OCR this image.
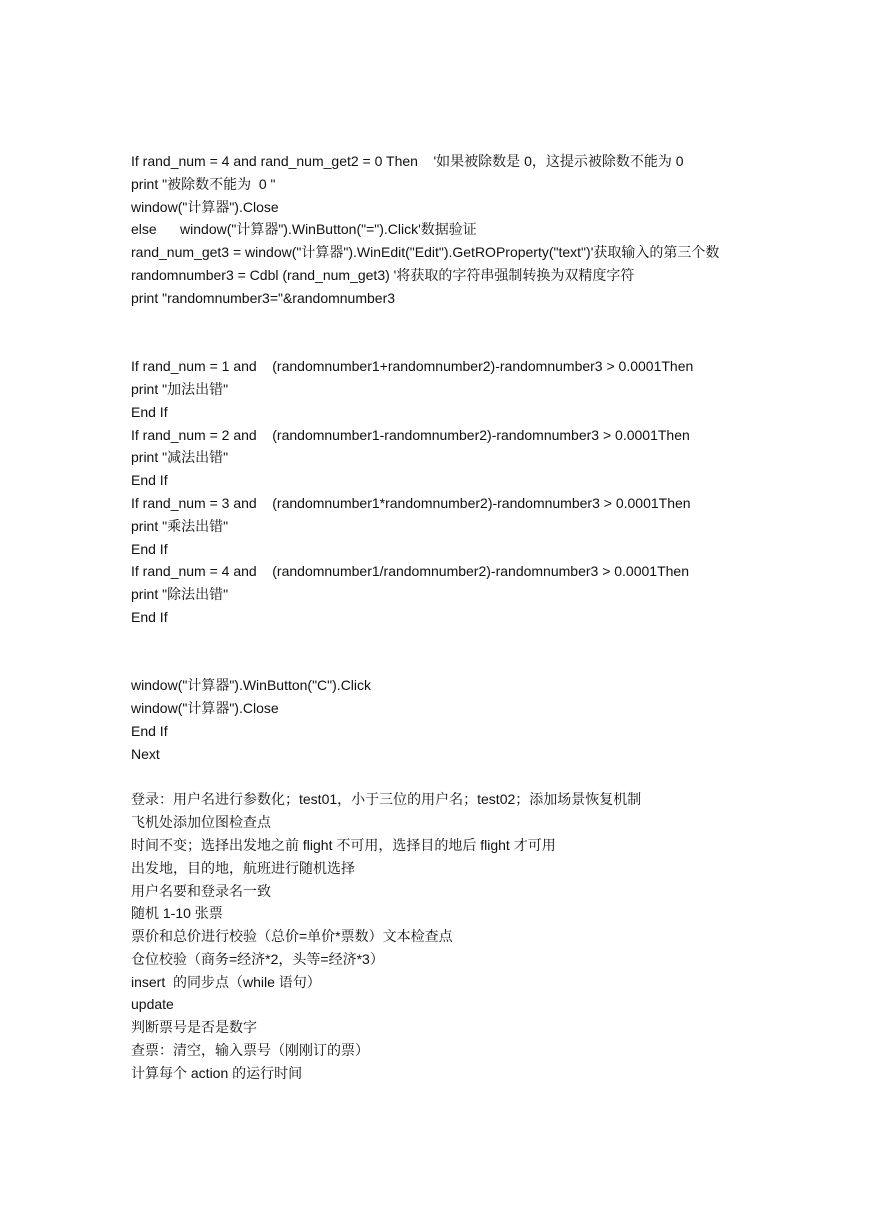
If rand_num = 4 and rand_num_get2 = 0 Then    '如果被除数是 0，这提示被除数不能为 0
print "被除数不能为  0 "
window("计算器").Close
else      window("计算器").WinButton("=").Click'数据验证
rand_num_get3 = window("计算器").WinEdit("Edit").GetROProperty("text")'获取输入的第三个数
randomnumber3 = Cdbl (rand_num_get3) '将获取的字符串强制转换为双精度字符
print "randomnumber3="&randomnumber3
If rand_num = 1 and    (randomnumber1+randomnumber2)-randomnumber3 > 0.0001Then
print "加法出错"
End If
If rand_num = 2 and    (randomnumber1-randomnumber2)-randomnumber3 > 0.0001Then
print "减法出错"
End If
If rand_num = 3 and    (randomnumber1*randomnumber2)-randomnumber3 > 0.0001Then
print "乘法出错"
End If
If rand_num = 4 and    (randomnumber1/randomnumber2)-randomnumber3 > 0.0001Then
print "除法出错"
End If
window("计算器").WinButton("C").Click
window("计算器").Close
End If
Next
登录：用户名进行参数化；test01，小于三位的用户名；test02；添加场景恢复机制
飞机处添加位图检查点
时间不变；选择出发地之前 flight 不可用，选择目的地后 flight 才可用
出发地，目的地，航班进行随机选择
用户名要和登录名一致
随机 1-10 张票
票价和总价进行校验（总价=单价*票数）文本检查点
仓位校验（商务=经济*2，头等=经济*3）
insert  的同步点（while 语句）
update
判断票号是否是数字
查票：清空，输入票号（刚刚订的票）
计算每个 action 的运行时间
